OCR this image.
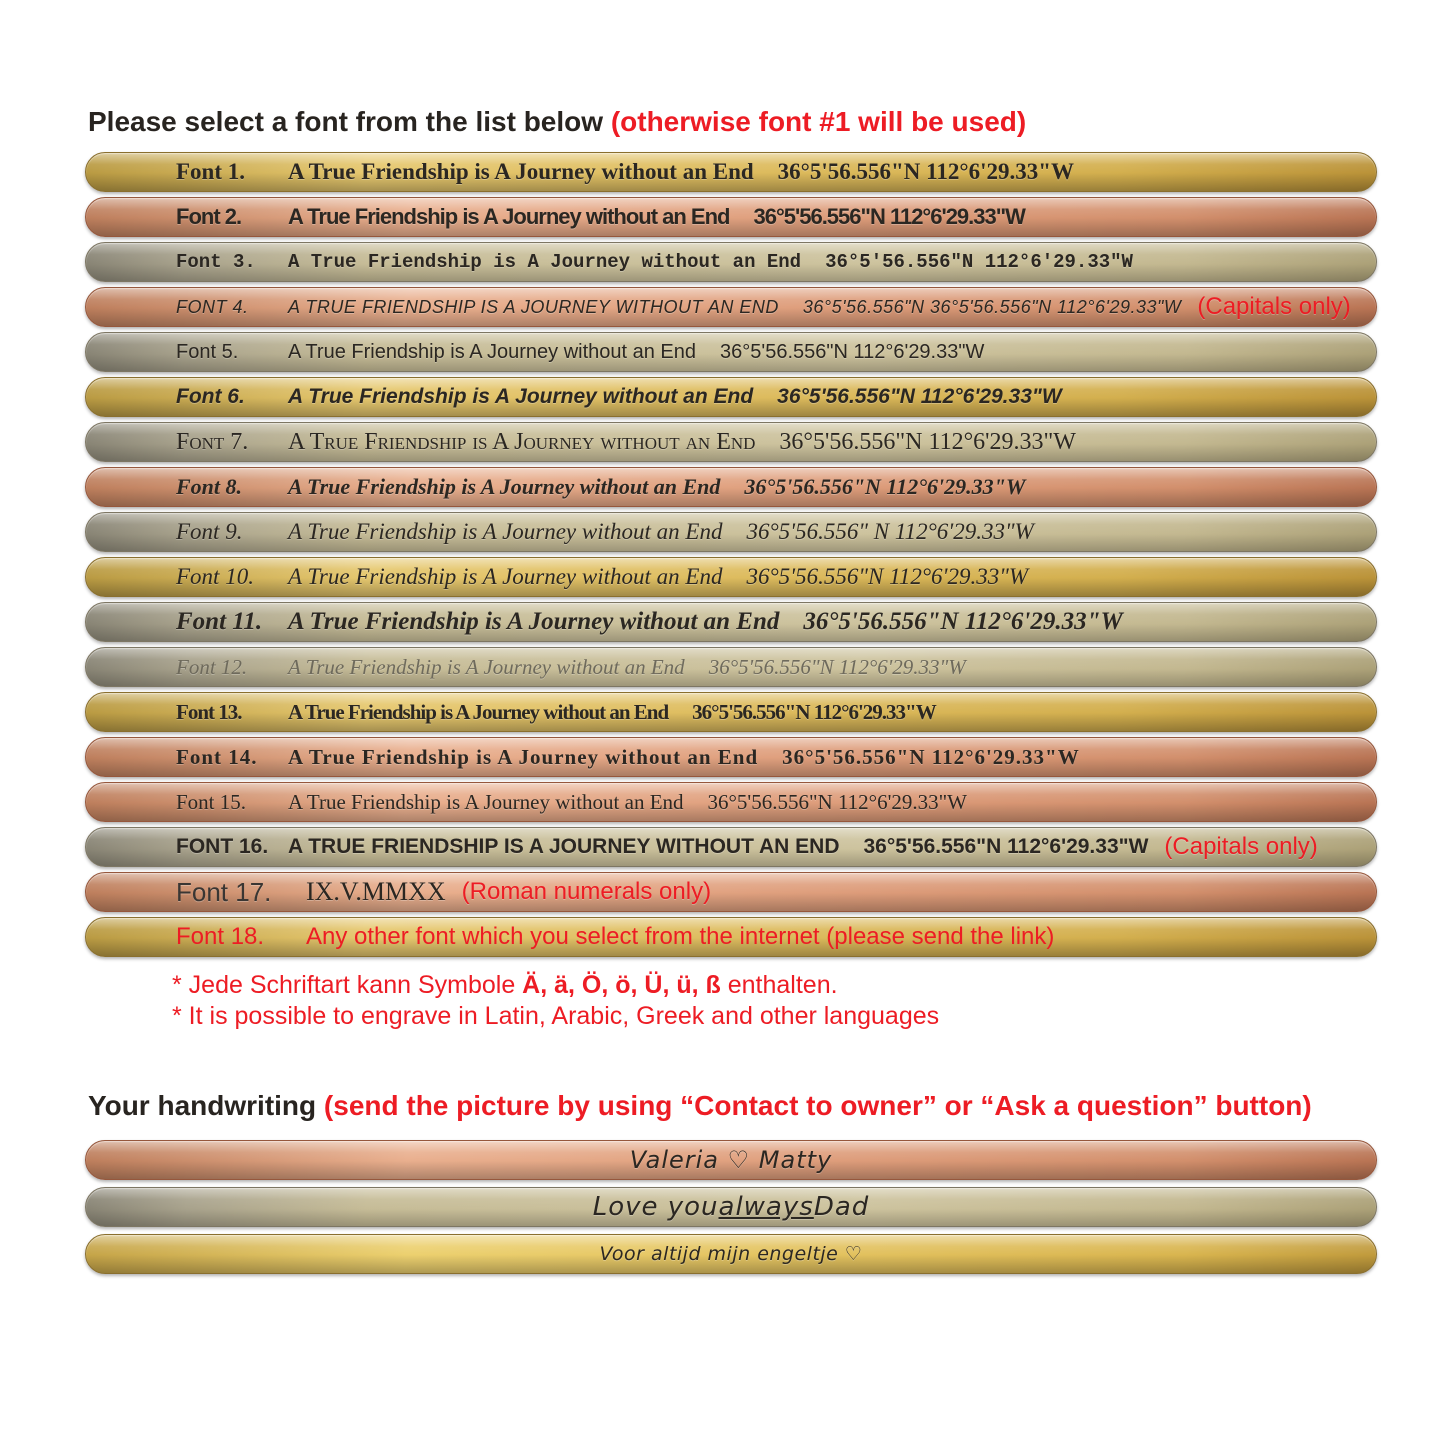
Please select a font from the list below (otherwise font #1 will be used)
Font 1.	A True Friendship is A Journey without an End 36°5'56.556"N 112°6'29.33"W
Font 2.	A True Friendship is A Journey without an End 36°5'56.556"N 112°6'29.33"W
Font 3.	A True Friendship is A Journey without an End 36°5'56.556"N 112°6'29.33"W
FONT 4.	A TRUE FRIENDSHIP IS A JOURNEY WITHOUT AN END 36°5'56.556"N 36°5'56.556"N 112°6'29.33"W (Capitals only)
Font 5.	A True Friendship is A Journey without an End 36°5'56.556"N 112°6'29.33"W
Font 6.	A True Friendship is A Journey without an End 36°5'56.556"N 112°6'29.33"W
Font 7.	A True Friendship is A Journey without an End 36°5'56.556"N 112°6'29.33"W
Font 8.	A True Friendship is A Journey without an End 36°5'56.556"N 112°6'29.33"W
Font 9.	A True Friendship is A Journey without an End 36°5'56.556" N 112°6'29.33"W
Font 10.	A True Friendship is A Journey without an End 36°5'56.556"N 112°6'29.33"W
Font 11.	A True Friendship is A Journey without an End 36°5'56.556"N 112°6'29.33"W
Font 12.	A True Friendship is A Journey without an End 36°5'56.556"N 112°6'29.33"W
Font 13.	A True Friendship is A Journey without an End 36°5'56.556"N 112°6'29.33"W
Font 14.	A True Friendship is A Journey without an End 36°5'56.556"N 112°6'29.33"W
Font 15.	A True Friendship is A Journey without an End 36°5'56.556"N 112°6'29.33"W
FONT 16. A TRUE FRIENDSHIP IS A JOURNEY WITHOUT AN END 36°5'56.556"N 112°6'29.33"W (Capitals only)
Font 17.	IX.V.MMXX (Roman numerals only)
Font 18.	Any other font which you select from the internet (please send the link)
* Jede Schriftart kann Symbole Ä, ä, Ö, ö, Ü, ü, ß enthalten.
* It is possible to engrave in Latin, Arabic, Greek and other languages
Your handwriting (send the picture by using “Contact to owner” or “Ask a question” button)
Valeria ♡ Matty
Love you always Dad
Voor altijd mijn engeltje ♡
